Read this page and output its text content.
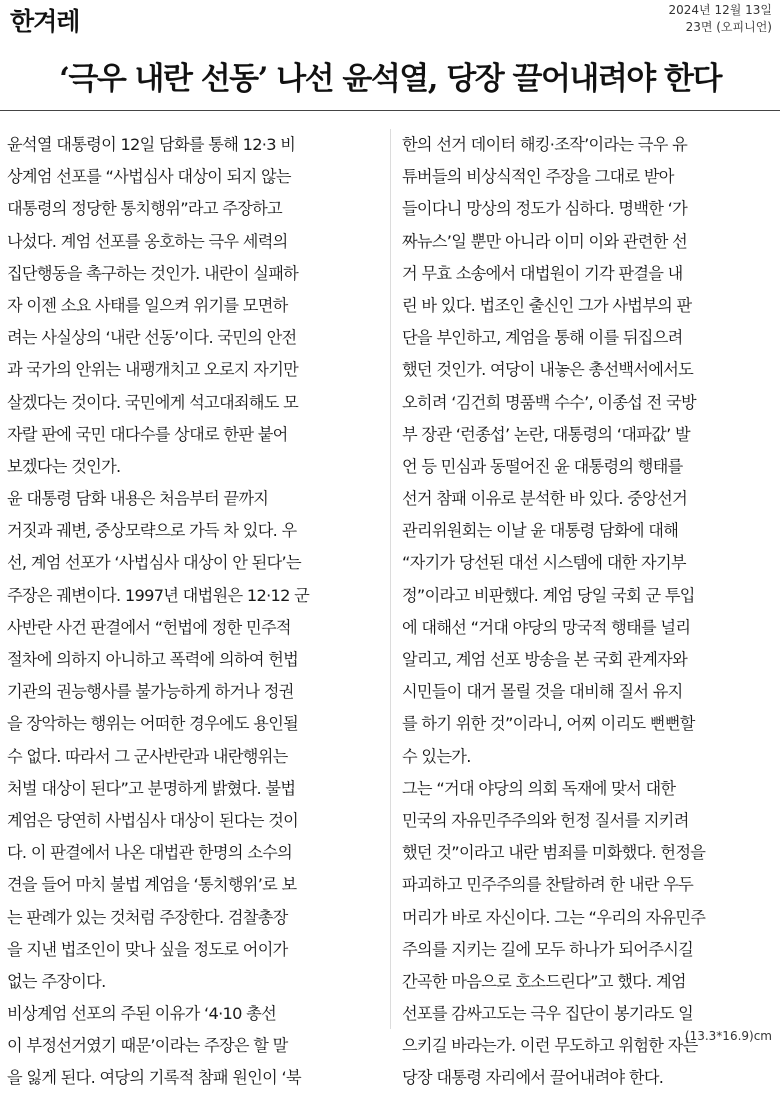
한겨레	2024년 12월 13일
23면 (오피니언)
‘극우 내란 선동’ 나선 윤석열, 당장 끌어내려야 한다
윤석열 대통령이 12일 담화를 통해 12·3 비
상계엄 선포를 “사법심사 대상이 되지 않는
대통령의 정당한 통치행위”라고 주장하고
나섰다. 계엄 선포를 옹호하는 극우 세력의
집단행동을 촉구하는 것인가. 내란이 실패하
자 이젠 소요 사태를 일으켜 위기를 모면하
려는 사실상의 ‘내란 선동’이다. 국민의 안전
과 국가의 안위는 내팽개치고 오로지 자기만
살겠다는 것이다. 국민에게 석고대죄해도 모
자랄 판에 국민 대다수를 상대로 한판 붙어
보겠다는 것인가.
윤 대통령 담화 내용은 처음부터 끝까지
거짓과 궤변, 중상모략으로 가득 차 있다. 우
선, 계엄 선포가 ‘사법심사 대상이 안 된다’는
주장은 궤변이다. 1997년 대법원은 12·12 군
사반란 사건 판결에서 “헌법에 정한 민주적
절차에 의하지 아니하고 폭력에 의하여 헌법
기관의 권능행사를 불가능하게 하거나 정권
을 장악하는 행위는 어떠한 경우에도 용인될
수 없다. 따라서 그 군사반란과 내란행위는
처벌 대상이 된다”고 분명하게 밝혔다. 불법
계엄은 당연히 사법심사 대상이 된다는 것이
다. 이 판결에서 나온 대법관 한명의 소수의
견을 들어 마치 불법 계엄을 ‘통치행위’로 보
는 판례가 있는 것처럼 주장한다. 검찰총장
을 지낸 법조인이 맞나 싶을 정도로 어이가
없는 주장이다.
비상계엄 선포의 주된 이유가 ‘4·10 총선
이 부정선거였기 때문’이라는 주장은 할 말
을 잃게 된다. 여당의 기록적 참패 원인이 ‘북
한의 선거 데이터 해킹·조작’이라는 극우 유
튜버들의 비상식적인 주장을 그대로 받아
들이다니 망상의 정도가 심하다. 명백한 ‘가
짜뉴스’일 뿐만 아니라 이미 이와 관련한 선
거 무효 소송에서 대법원이 기각 판결을 내
린 바 있다. 법조인 출신인 그가 사법부의 판
단을 부인하고, 계엄을 통해 이를 뒤집으려
했던 것인가. 여당이 내놓은 총선백서에서도
오히려 ‘김건희 명품백 수수’, 이종섭 전 국방
부 장관 ‘런종섭’ 논란, 대통령의 ‘대파값’ 발
언 등 민심과 동떨어진 윤 대통령의 행태를
선거 참패 이유로 분석한 바 있다. 중앙선거
관리위원회는 이날 윤 대통령 담화에 대해
“자기가 당선된 대선 시스템에 대한 자기부
정”이라고 비판했다. 계엄 당일 국회 군 투입
에 대해선 “거대 야당의 망국적 행태를 널리
알리고, 계엄 선포 방송을 본 국회 관계자와
시민들이 대거 몰릴 것을 대비해 질서 유지
를 하기 위한 것”이라니, 어찌 이리도 뻔뻔할
수 있는가.
그는 “거대 야당의 의회 독재에 맞서 대한
민국의 자유민주주의와 헌정 질서를 지키려
했던 것”이라고 내란 범죄를 미화했다. 헌정을
파괴하고 민주주의를 찬탈하려 한 내란 우두
머리가 바로 자신이다. 그는 “우리의 자유민주
주의를 지키는 길에 모두 하나가 되어주시길
간곡한 마음으로 호소드린다”고 했다. 계엄
선포를 감싸고도는 극우 집단이 봉기라도 일
으키길 바라는가. 이런 무도하고 위험한 자는
당장 대통령 자리에서 끌어내려야 한다.
(13.3*16.9)cm
